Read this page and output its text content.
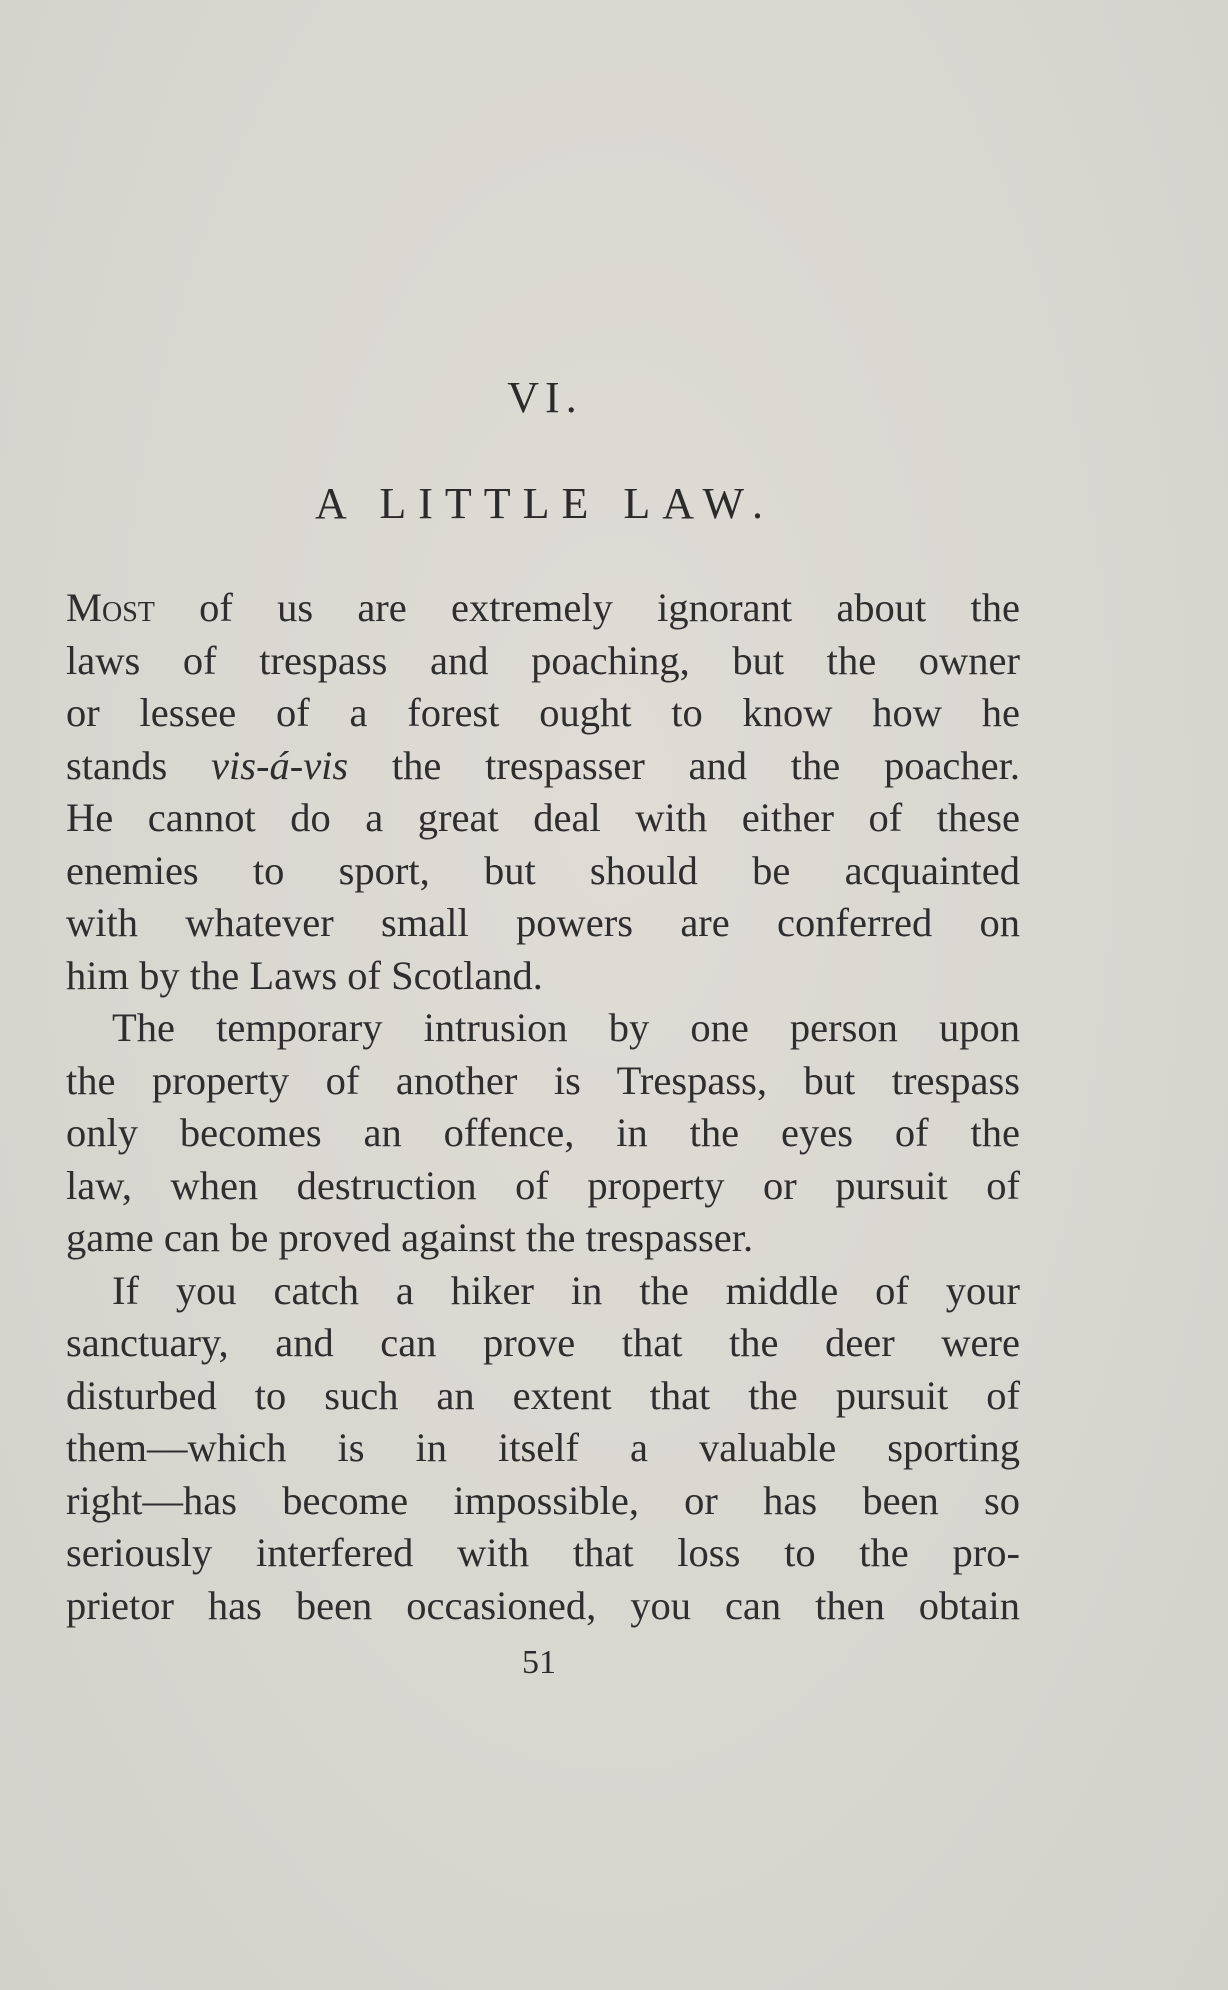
VI.
A LITTLE LAW.
Most of us are extremely ignorant about the
laws of trespass and poaching, but the owner
or lessee of a forest ought to know how he
stands vis-á-vis the trespasser and the poacher.
He cannot do a great deal with either of these
enemies to sport, but should be acquainted
with whatever small powers are conferred on
him by the Laws of Scotland.
The temporary intrusion by one person upon
the property of another is Trespass, but trespass
only becomes an offence, in the eyes of the
law, when destruction of property or pursuit of
game can be proved against the trespasser.
If you catch a hiker in the middle of your
sanctuary, and can prove that the deer were
disturbed to such an extent that the pursuit of
them—which is in itself a valuable sporting
right—has become impossible, or has been so
seriously interfered with that loss to the pro-
prietor has been occasioned, you can then obtain
51
